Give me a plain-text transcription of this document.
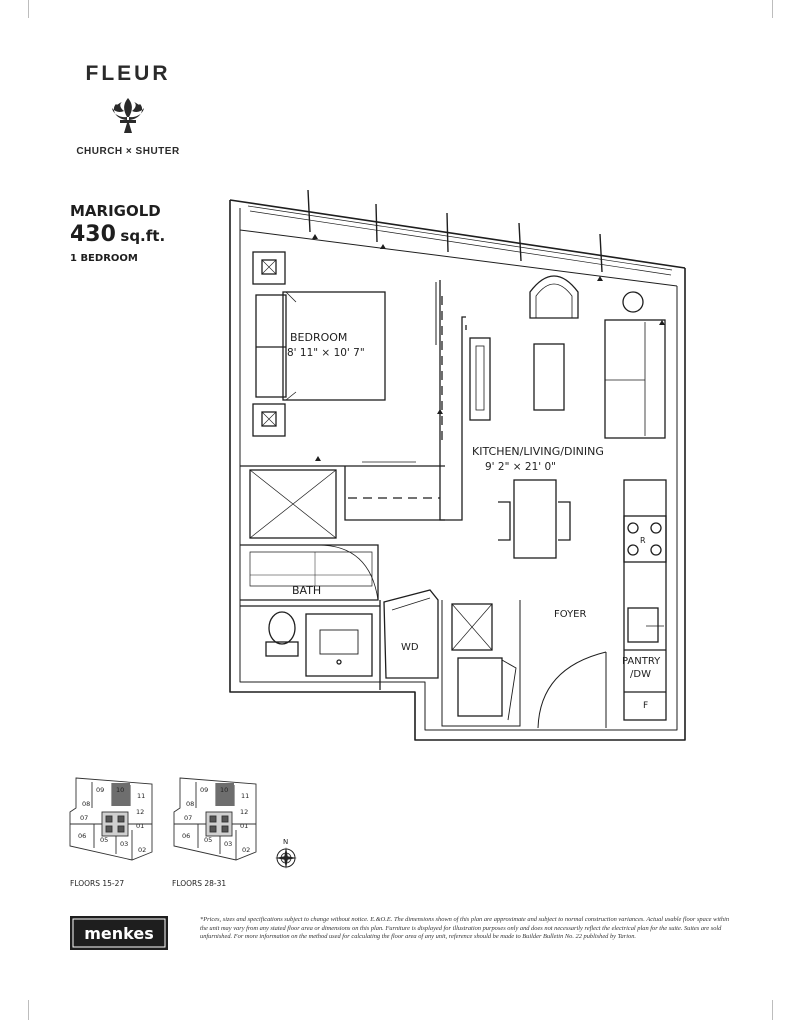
FLEUR
CHURCH × SHUTER
MARIGOLD
430 sq.ft.
1 BEDROOM
BEDROOM
8' 11" × 10' 7"
KITCHEN/LIVING/DINING
9' 2" × 21' 0"
BATH
FOYER
WD
PANTRY
/DW
F
R
09 10
11
08
12
07
01
06 05 03
02
FLOORS 15-27
09 10
11
08
12
07
01
06 05 03
02
FLOORS 28-31
N
menkes
*Prices, sizes and specifications subject to change without notice. E.&O.E. The dimensions shown of this plan are approximate and subject to normal construction variances. Actual usable floor space within the unit may vary from any stated floor area or dimensions on this plan. Furniture is displayed for illustration purposes only and does not necessarily reflect the electrical plan for the suite. Suites are sold unfurnished. For more information on the method used for calculating the floor area of any unit, reference should be made to Builder Bulletin No. 22 published by Tarion.
